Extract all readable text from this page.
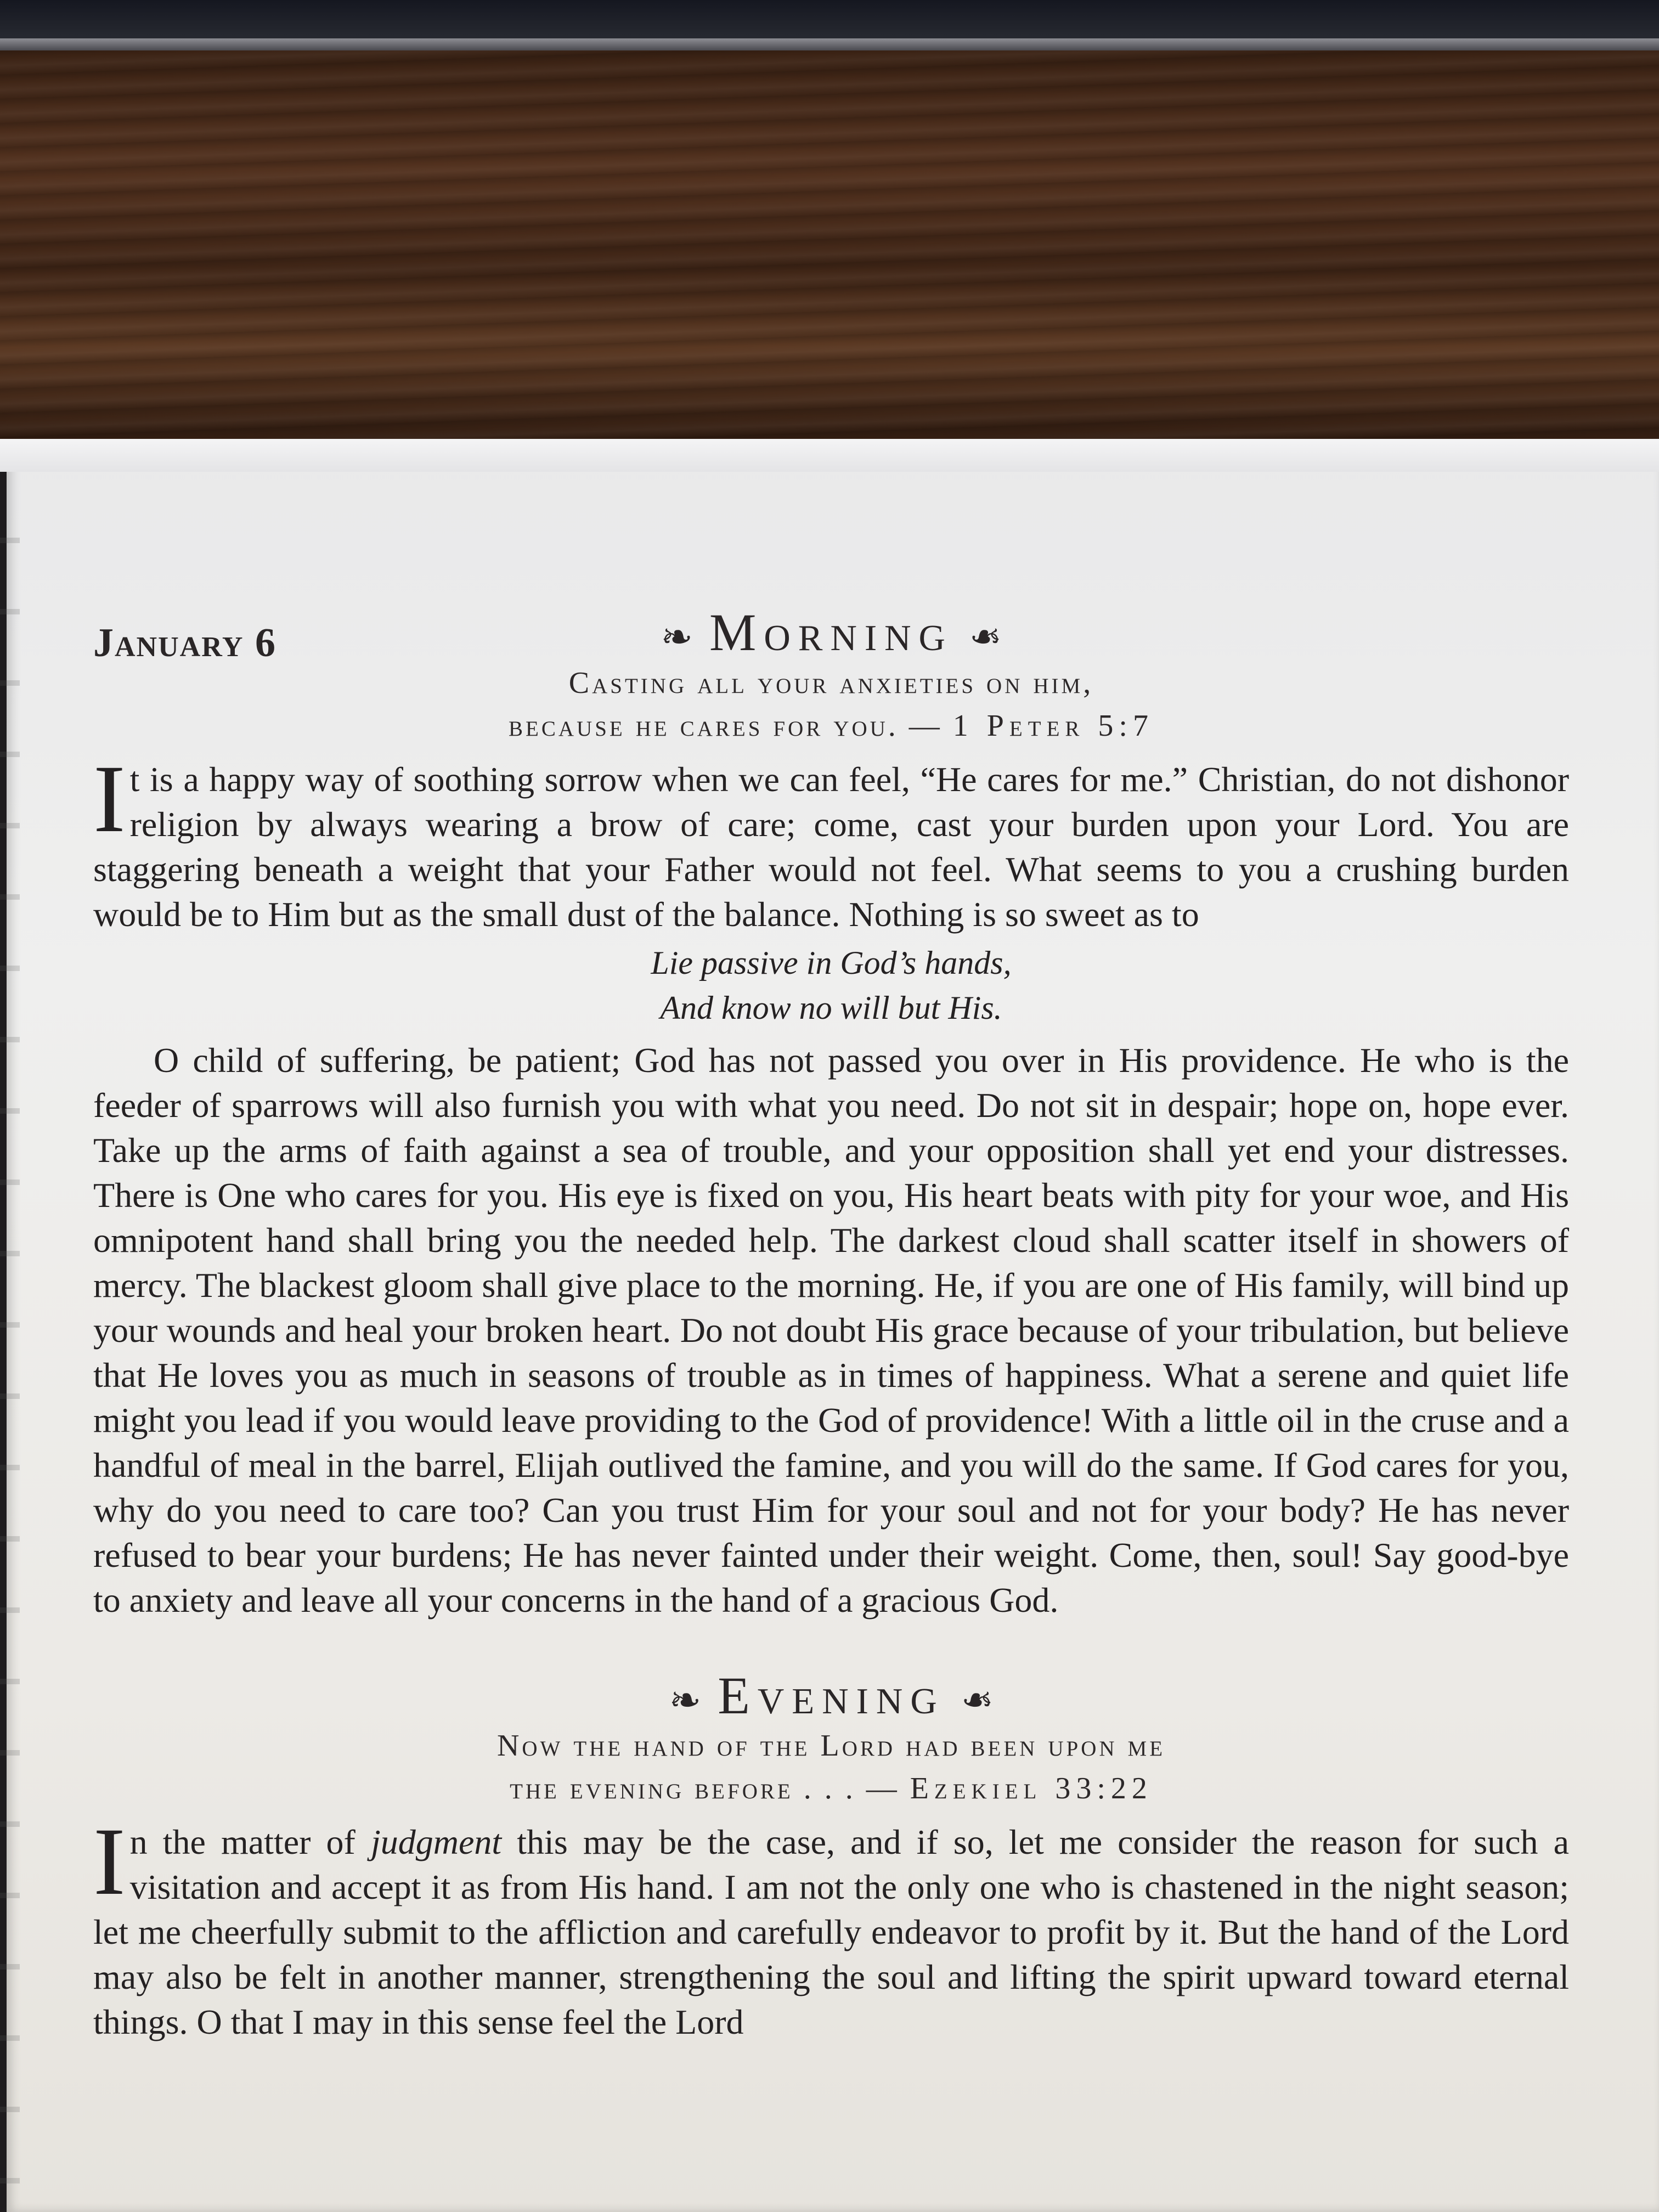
January 6	❧ Morning ❧
Casting all your anxieties on him,
because he cares for you. — 1 Peter 5:7
It is a happy way of soothing sorrow when we can feel, “He cares for me.” Christian, do not dishonor religion by always wearing a brow of care; come, cast your burden upon your Lord. You are staggering beneath a weight that your Father would not feel. What seems to you a crushing burden would be to Him but as the small dust of the balance. Nothing is so sweet as to
Lie passive in God’s hands,
And know no will but His.
O child of suffering, be patient; God has not passed you over in His providence. He who is the feeder of sparrows will also furnish you with what you need. Do not sit in despair; hope on, hope ever. Take up the arms of faith against a sea of trouble, and your opposition shall yet end your distresses. There is One who cares for you. His eye is fixed on you, His heart beats with pity for your woe, and His omnipotent hand shall bring you the needed help. The darkest cloud shall scatter itself in showers of mercy. The blackest gloom shall give place to the morning. He, if you are one of His family, will bind up your wounds and heal your broken heart. Do not doubt His grace because of your tribulation, but believe that He loves you as much in seasons of trouble as in times of happiness. What a serene and quiet life might you lead if you would leave providing to the God of providence! With a little oil in the cruse and a handful of meal in the barrel, Elijah outlived the famine, and you will do the same. If God cares for you, why do you need to care too? Can you trust Him for your soul and not for your body? He has never refused to bear your burdens; He has never fainted under their weight. Come, then, soul! Say good-bye to anxiety and leave all your concerns in the hand of a gracious God.
❧ Evening ❧
Now the hand of the Lord had been upon me
the evening before . . . — Ezekiel 33:22
In the matter of judgment this may be the case, and if so, let me consider the reason for such a visitation and accept it as from His hand. I am not the only one who is chastened in the night season; let me cheerfully submit to the affliction and carefully endeavor to profit by it. But the hand of the Lord may also be felt in another manner, strengthening the soul and lifting the spirit upward toward eternal things. O that I may in this sense feel the Lord
